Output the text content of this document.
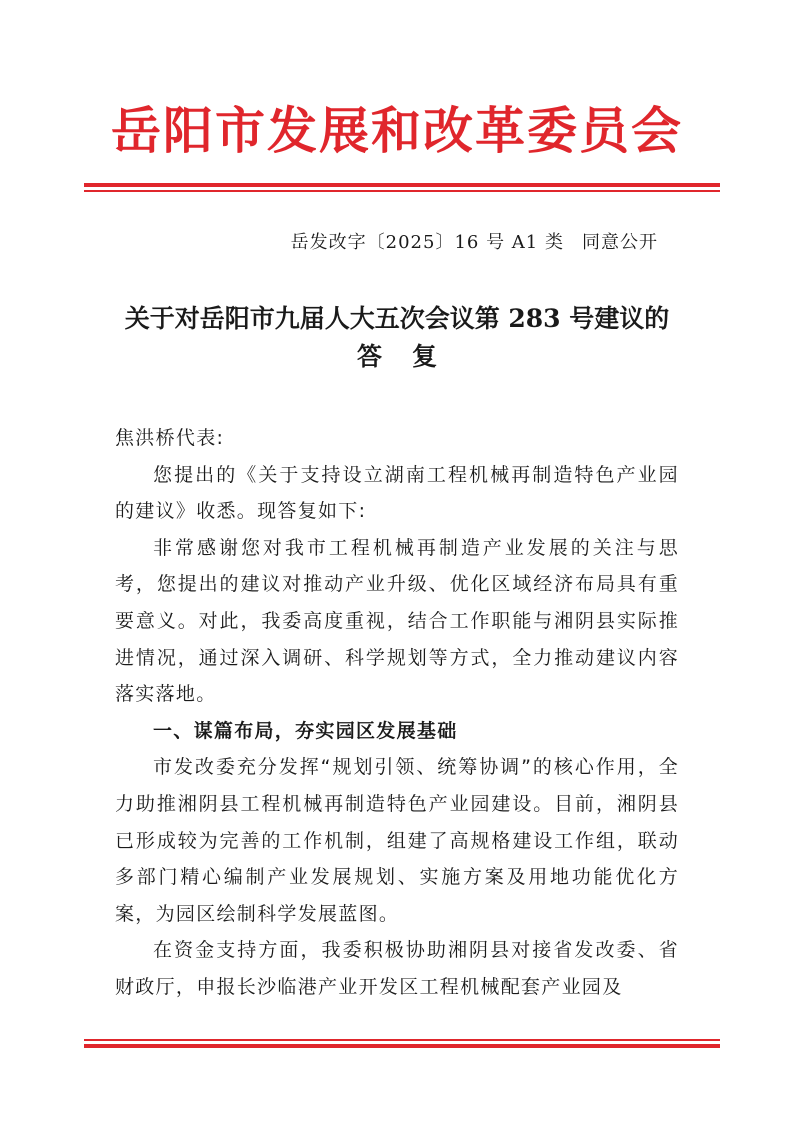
岳阳市发展和改革委员会
岳发改字〔2025〕16 号 A1 类 同意公开
关于对岳阳市九届人大五次会议第 283 号建议的
答复

焦洪桥代表:

您提出的《关于支持设立湖南工程机械再制造特色产业园的建议》收悉。现答复如下:

非常感谢您对我市工程机械再制造产业发展的关注与思考，您提出的建议对推动产业升级、优化区域经济布局具有重要意义。对此，我委高度重视，结合工作职能与湘阴县实际推进情况，通过深入调研、科学规划等方式，全力推动建议内容落实落地。

一、谋篇布局，夯实园区发展基础

市发改委充分发挥“规划引领、统筹协调”的核心作用，全力助推湘阴县工程机械再制造特色产业园建设。目前，湘阴县已形成较为完善的工作机制，组建了高规格建设工作组，联动多部门精心编制产业发展规划、实施方案及用地功能优化方案，为园区绘制科学发展蓝图。

在资金支持方面，我委积极协助湘阴县对接省发改委、省财政厅，申报长沙临港产业开发区工程机械配套产业园及
